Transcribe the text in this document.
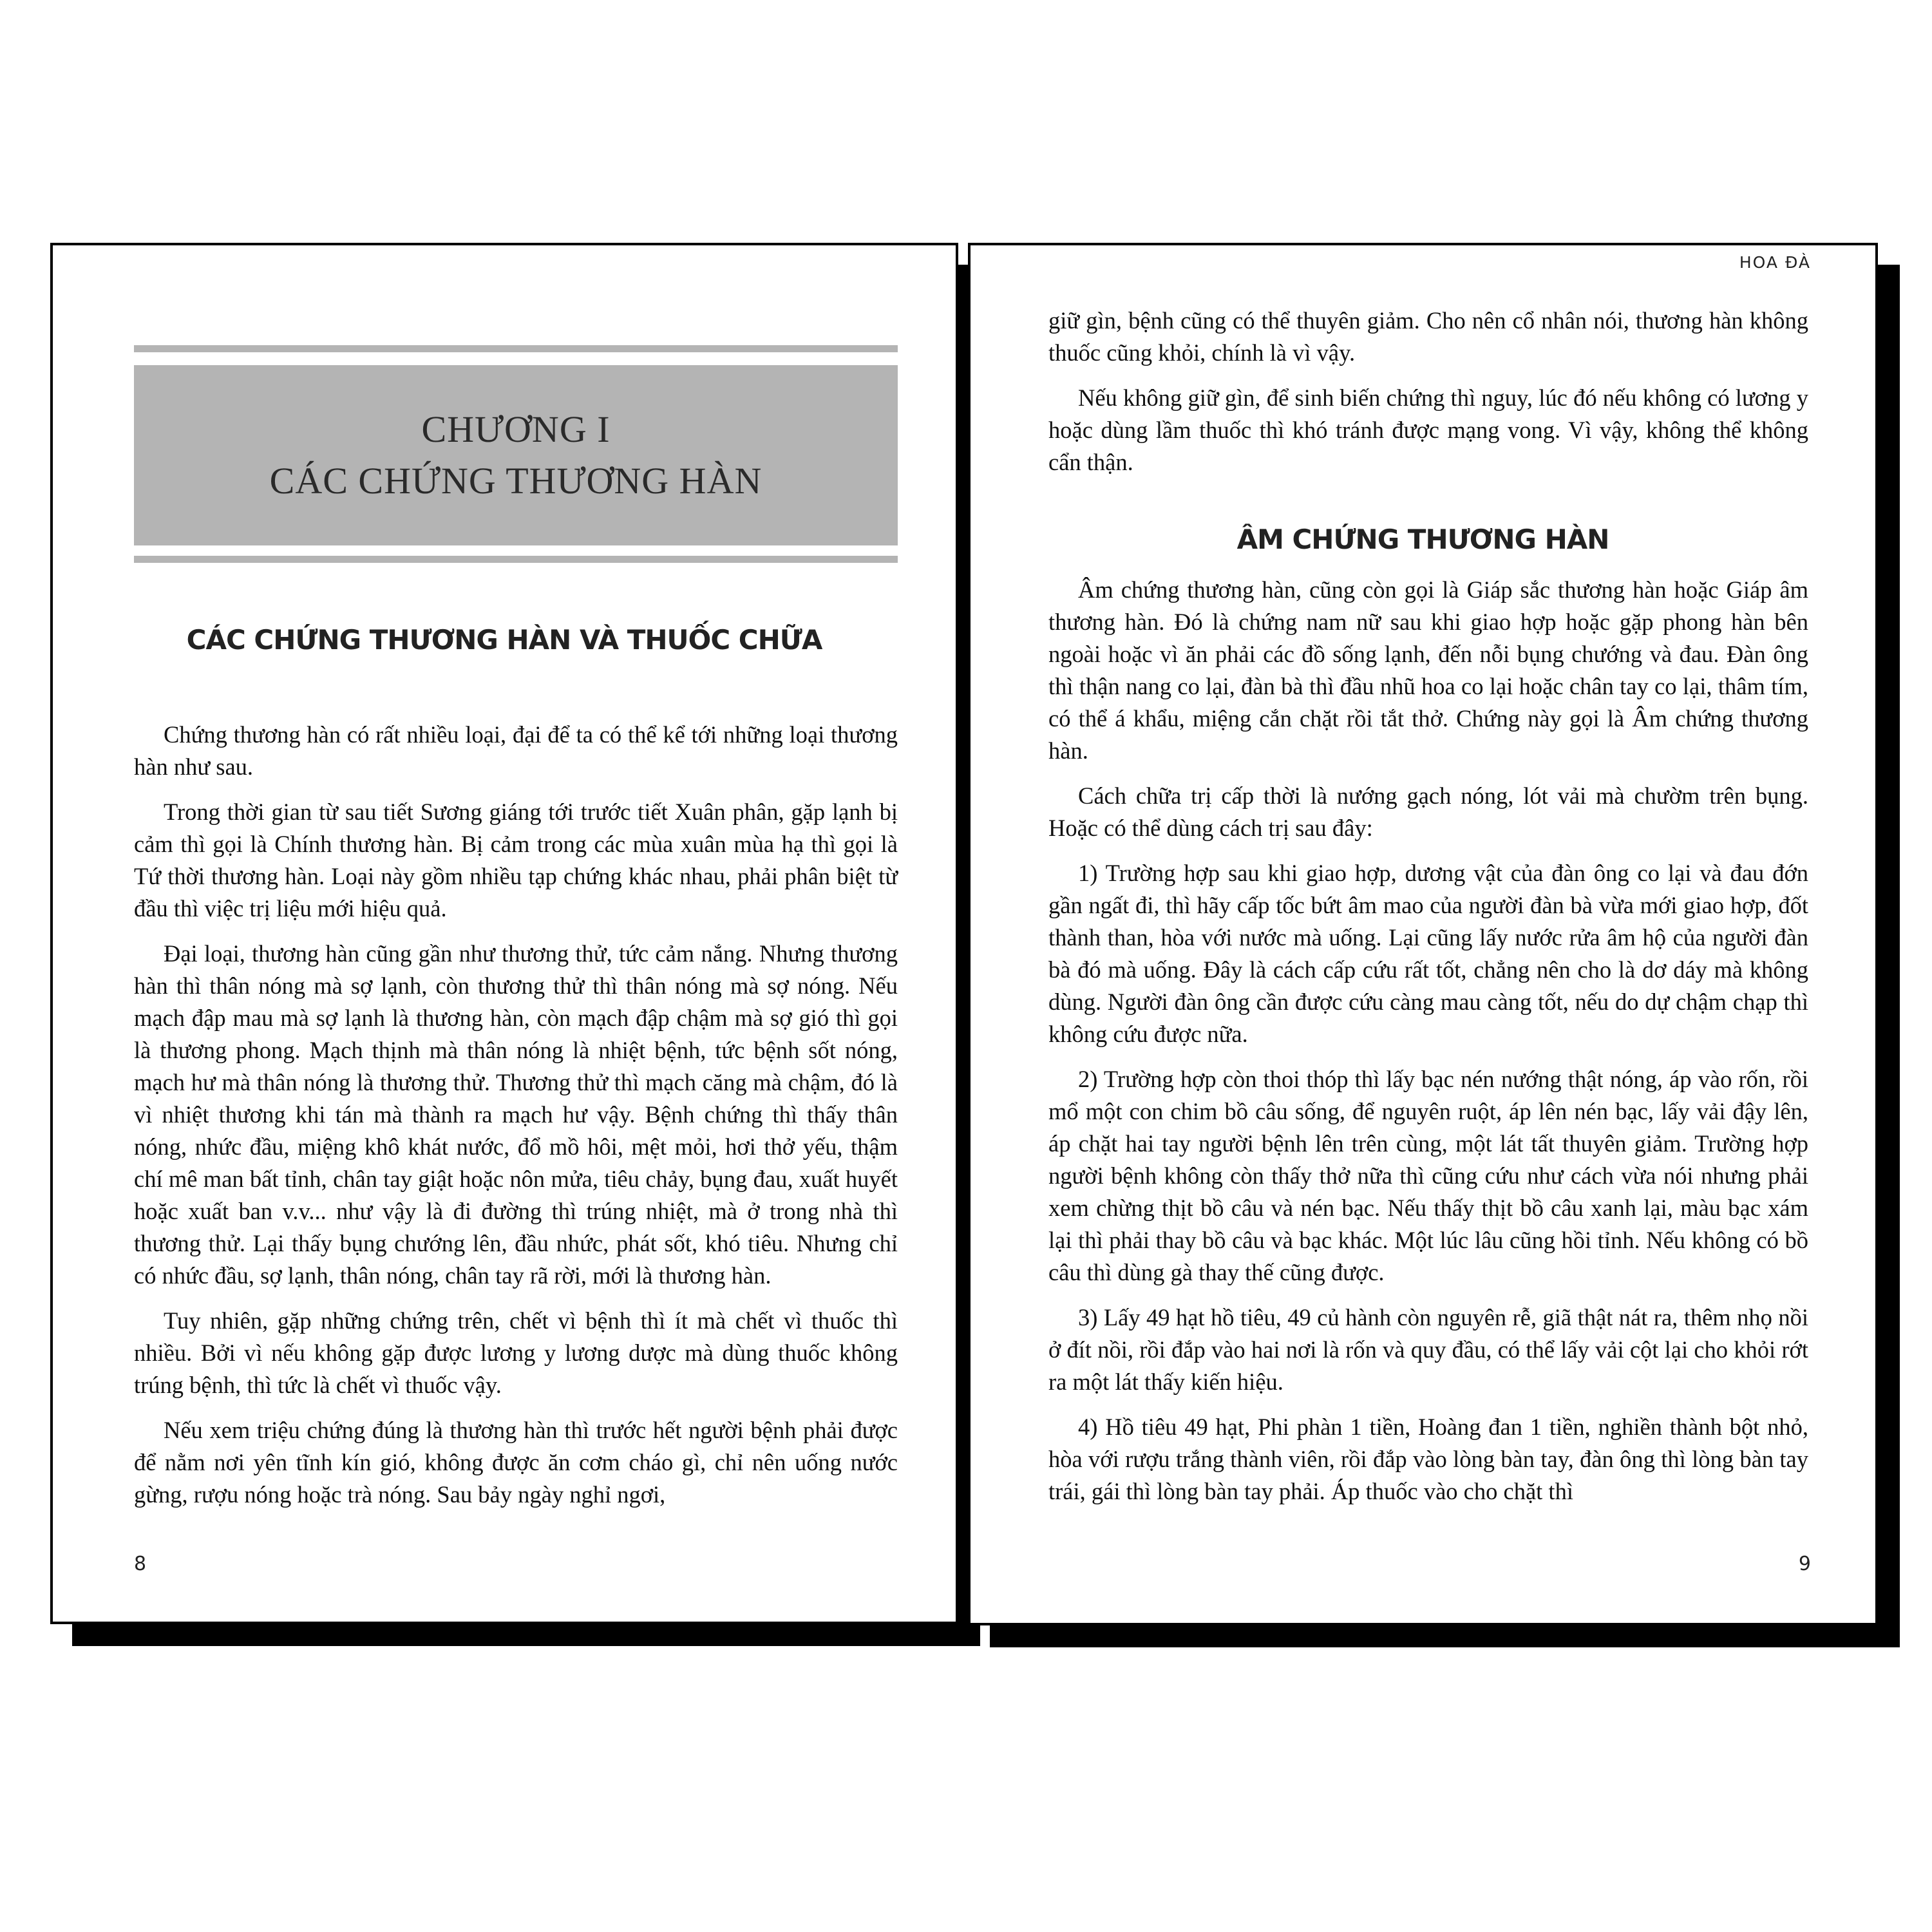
CHƯƠNG I
CÁC CHỨNG THƯƠNG HÀN
CÁC CHỨNG THƯƠNG HÀN VÀ THUỐC CHỮA

Chứng thương hàn có rất nhiều loại, đại để ta có thể kể tới những loại thương hàn như sau.

Trong thời gian từ sau tiết Sương giáng tới trước tiết Xuân phân, gặp lạnh bị cảm thì gọi là Chính thương hàn. Bị cảm trong các mùa xuân mùa hạ thì gọi là Tứ thời thương hàn. Loại này gồm nhiều tạp chứng khác nhau, phải phân biệt từ đầu thì việc trị liệu mới hiệu quả.

Đại loại, thương hàn cũng gần như thương thử, tức cảm nắng. Nhưng thương hàn thì thân nóng mà sợ lạnh, còn thương thử thì thân nóng mà sợ nóng. Nếu mạch đập mau mà sợ lạnh là thương hàn, còn mạch đập chậm mà sợ gió thì gọi là thương phong. Mạch thịnh mà thân nóng là nhiệt bệnh, tức bệnh sốt nóng, mạch hư mà thân nóng là thương thử. Thương thử thì mạch căng mà chậm, đó là vì nhiệt thương khi tán mà thành ra mạch hư vậy. Bệnh chứng thì thấy thân nóng, nhức đầu, miệng khô khát nước, đổ mồ hôi, mệt mỏi, hơi thở yếu, thậm chí mê man bất tỉnh, chân tay giật hoặc nôn mửa, tiêu chảy, bụng đau, xuất huyết hoặc xuất ban v.v... như vậy là đi đường thì trúng nhiệt, mà ở trong nhà thì thương thử. Lại thấy bụng chướng lên, đầu nhức, phát sốt, khó tiêu. Nhưng chỉ có nhức đầu, sợ lạnh, thân nóng, chân tay rã rời, mới là thương hàn.

Tuy nhiên, gặp những chứng trên, chết vì bệnh thì ít mà chết vì thuốc thì nhiều. Bởi vì nếu không gặp được lương y lương dược mà dùng thuốc không trúng bệnh, thì tức là chết vì thuốc vậy.

Nếu xem triệu chứng đúng là thương hàn thì trước hết người bệnh phải được để nằm nơi yên tĩnh kín gió, không được ăn cơm cháo gì, chỉ nên uống nước gừng, rượu nóng hoặc trà nóng. Sau bảy ngày nghỉ ngơi,

8
HOA ĐÀ

giữ gìn, bệnh cũng có thể thuyên giảm. Cho nên cổ nhân nói, thương hàn không thuốc cũng khỏi, chính là vì vậy.

Nếu không giữ gìn, để sinh biến chứng thì nguy, lúc đó nếu không có lương y hoặc dùng lầm thuốc thì khó tránh được mạng vong. Vì vậy, không thể không cẩn thận.

ÂM CHỨNG THƯƠNG HÀN

Âm chứng thương hàn, cũng còn gọi là Giáp sắc thương hàn hoặc Giáp âm thương hàn. Đó là chứng nam nữ sau khi giao hợp hoặc gặp phong hàn bên ngoài hoặc vì ăn phải các đồ sống lạnh, đến nỗi bụng chướng và đau. Đàn ông thì thận nang co lại, đàn bà thì đầu nhũ hoa co lại hoặc chân tay co lại, thâm tím, có thể á khẩu, miệng cắn chặt rồi tắt thở. Chứng này gọi là Âm chứng thương hàn.

Cách chữa trị cấp thời là nướng gạch nóng, lót vải mà chườm trên bụng. Hoặc có thể dùng cách trị sau đây:

1) Trường hợp sau khi giao hợp, dương vật của đàn ông co lại và đau đớn gần ngất đi, thì hãy cấp tốc bứt âm mao của người đàn bà vừa mới giao hợp, đốt thành than, hòa với nước mà uống. Lại cũng lấy nước rửa âm hộ của người đàn bà đó mà uống. Đây là cách cấp cứu rất tốt, chẳng nên cho là dơ dáy mà không dùng. Người đàn ông cần được cứu càng mau càng tốt, nếu do dự chậm chạp thì không cứu được nữa.

2) Trường hợp còn thoi thóp thì lấy bạc nén nướng thật nóng, áp vào rốn, rồi mổ một con chim bồ câu sống, để nguyên ruột, áp lên nén bạc, lấy vải đậy lên, áp chặt hai tay người bệnh lên trên cùng, một lát tất thuyên giảm. Trường hợp người bệnh không còn thấy thở nữa thì cũng cứu như cách vừa nói nhưng phải xem chừng thịt bồ câu và nén bạc. Nếu thấy thịt bồ câu xanh lại, màu bạc xám lại thì phải thay bồ câu và bạc khác. Một lúc lâu cũng hồi tỉnh. Nếu không có bồ câu thì dùng gà thay thế cũng được.

3) Lấy 49 hạt hồ tiêu, 49 củ hành còn nguyên rễ, giã thật nát ra, thêm nhọ nồi ở đít nồi, rồi đắp vào hai nơi là rốn và quy đầu, có thể lấy vải cột lại cho khỏi rớt ra một lát thấy kiến hiệu.

4) Hồ tiêu 49 hạt, Phi phàn 1 tiền, Hoàng đan 1 tiền, nghiền thành bột nhỏ, hòa với rượu trắng thành viên, rồi đắp vào lòng bàn tay, đàn ông thì lòng bàn tay trái, gái thì lòng bàn tay phải. Áp thuốc vào cho chặt thì

9
